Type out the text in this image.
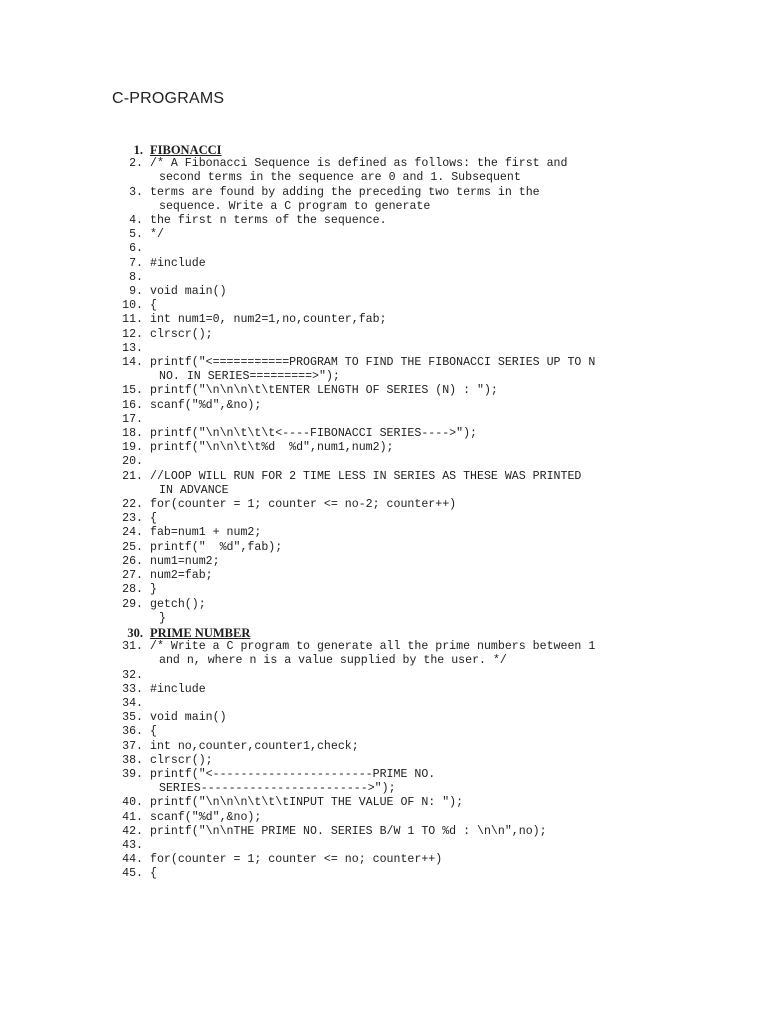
C-PROGRAMS
1. FIBONACCI
2. /* A Fibonacci Sequence is defined as follows: the first and
second terms in the sequence are 0 and 1. Subsequent
3. terms are found by adding the preceding two terms in the
sequence. Write a C program to generate
4. the first n terms of the sequence.
5. */
6.
7. #include
8.
9. void main()
10. {
11. int num1=0, num2=1,no,counter,fab;
12. clrscr();
13.
14. printf("<===========PROGRAM TO FIND THE FIBONACCI SERIES UP TO N
NO. IN SERIES=========>");
15. printf("\n\n\n\t\tENTER LENGTH OF SERIES (N) : ");
16. scanf("%d",&no);
17.
18. printf("\n\n\t\t\t<----FIBONACCI SERIES---->");
19. printf("\n\n\t\t%d  %d",num1,num2);
20.
21. //LOOP WILL RUN FOR 2 TIME LESS IN SERIES AS THESE WAS PRINTED
IN ADVANCE
22. for(counter = 1; counter <= no-2; counter++)
23. {
24. fab=num1 + num2;
25. printf("  %d",fab);
26. num1=num2;
27. num2=fab;
28. }
29. getch();
}
30. PRIME NUMBER
31. /* Write a C program to generate all the prime numbers between 1
and n, where n is a value supplied by the user. */
32.
33. #include
34.
35. void main()
36. {
37. int no,counter,counter1,check;
38. clrscr();
39. printf("<-----------------------PRIME NO.
SERIES------------------------>");
40. printf("\n\n\n\t\t\tINPUT THE VALUE OF N: ");
41. scanf("%d",&no);
42. printf("\n\nTHE PRIME NO. SERIES B/W 1 TO %d : \n\n",no);
43.
44. for(counter = 1; counter <= no; counter++)
45. {
